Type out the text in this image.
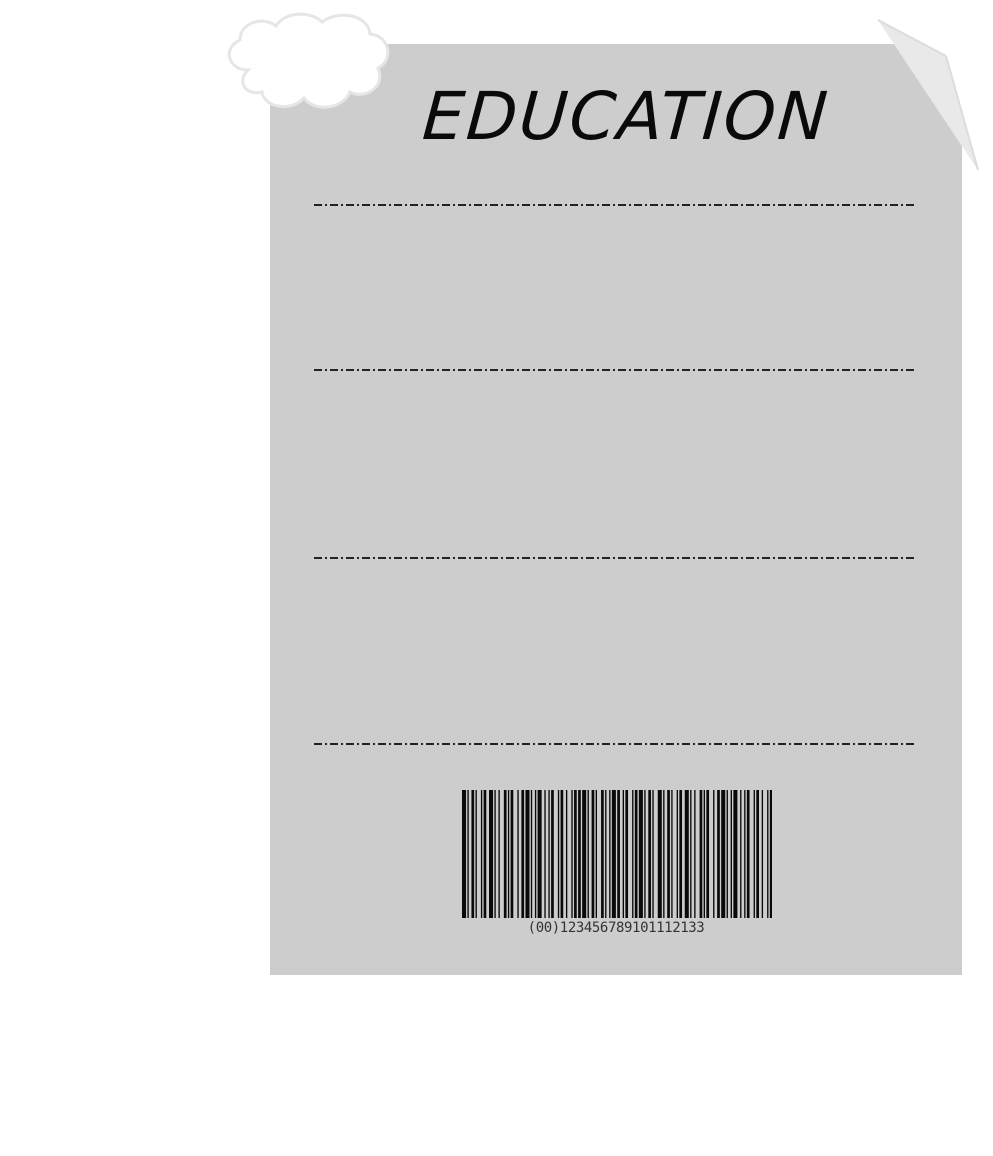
EDUCATION
(00)123456789101112133
